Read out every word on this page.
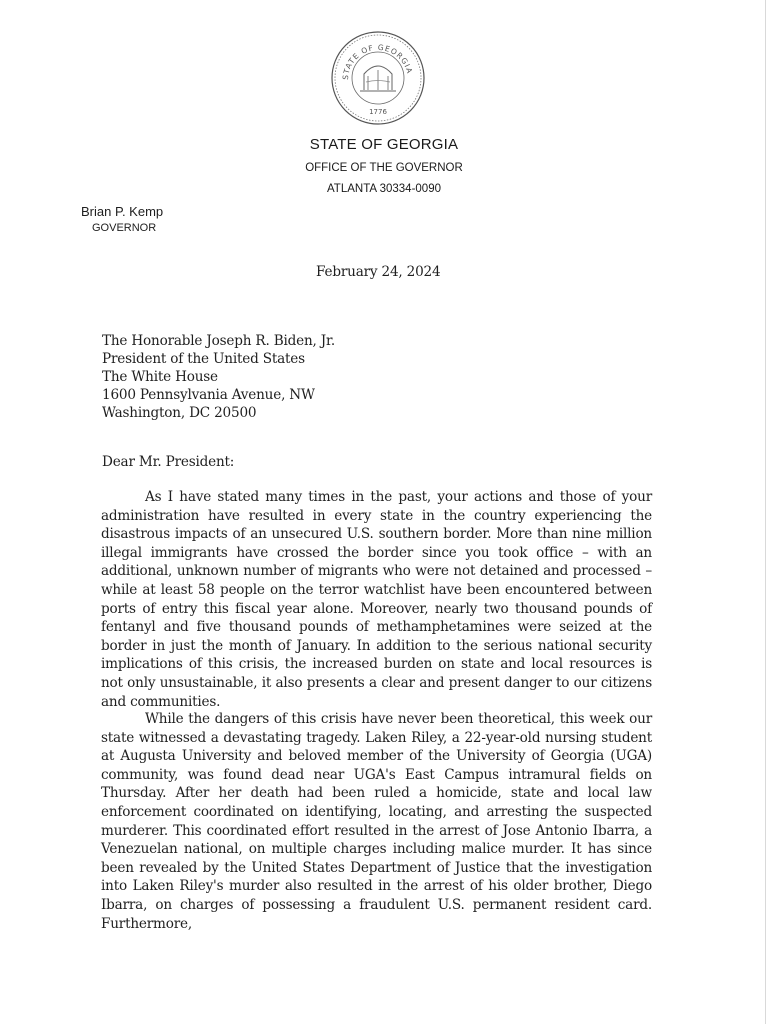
STATE OF GEORGIA
1776
STATE OF GEORGIA
OFFICE OF THE GOVERNOR
ATLANTA 30334-0090
Brian P. Kemp
GOVERNOR
February 24, 2024
The Honorable Joseph R. Biden, Jr.
President of the United States
The White House
1600 Pennsylvania Avenue, NW
Washington, DC 20500
Dear Mr. President:

As I have stated many times in the past, your actions and those of your administration have resulted in every state in the country experiencing the disastrous impacts of an unsecured U.S. southern border. More than nine million illegal immigrants have crossed the border since you took office – with an additional, unknown number of migrants who were not detained and processed – while at least 58 people on the terror watchlist have been encountered between ports of entry this fiscal year alone. Moreover, nearly two thousand pounds of fentanyl and five thousand pounds of methamphetamines were seized at the border in just the month of January. In addition to the serious national security implications of this crisis, the increased burden on state and local resources is not only unsustainable, it also presents a clear and present danger to our citizens and communities.

While the dangers of this crisis have never been theoretical, this week our state witnessed a devastating tragedy. Laken Riley, a 22-year-old nursing student at Augusta University and beloved member of the University of Georgia (UGA) community, was found dead near UGA's East Campus intramural fields on Thursday. After her death had been ruled a homicide, state and local law enforcement coordinated on identifying, locating, and arresting the suspected murderer. This coordinated effort resulted in the arrest of Jose Antonio Ibarra, a Venezuelan national, on multiple charges including malice murder. It has since been revealed by the United States Department of Justice that the investigation into Laken Riley's murder also resulted in the arrest of his older brother, Diego Ibarra, on charges of possessing a fraudulent U.S. permanent resident card. Furthermore,
